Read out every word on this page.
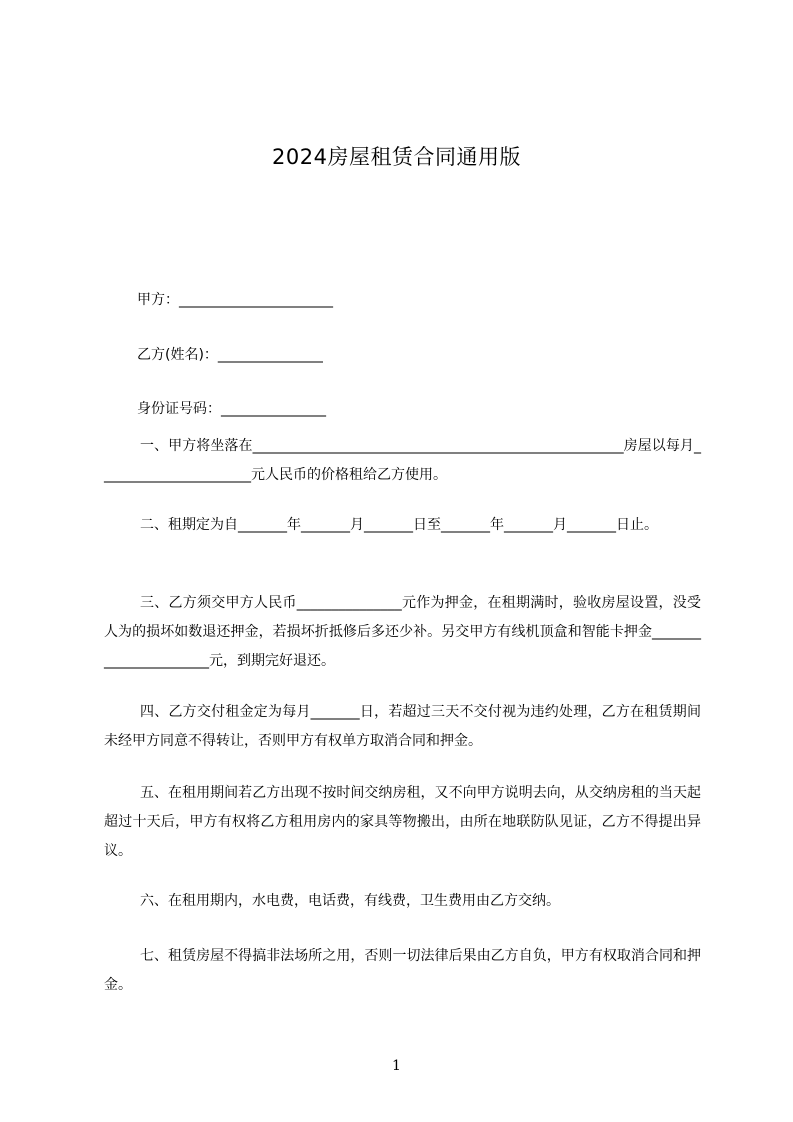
2024房屋租赁合同通用版
甲方：______________________
乙方(姓名)：_______________
身份证号码：_______________

一、甲方将坐落在_____________________________________________________房屋以每月______________________元人民币的价格租给乙方使用。

二、租期定为自_______年_______月_______日至_______年_______月_______日止。

三、乙方须交甲方人民币_______________元作为押金，在租期满时，验收房屋设置，没受人为的损坏如数退还押金，若损坏折抵修后多还少补。另交甲方有线机顶盒和智能卡押金______________________元，到期完好退还。

四、乙方交付租金定为每月_______日，若超过三天不交付视为违约处理，乙方在租赁期间未经甲方同意不得转让，否则甲方有权单方取消合同和押金。

五、在租用期间若乙方出现不按时间交纳房租，又不向甲方说明去向，从交纳房租的当天起超过十天后，甲方有权将乙方租用房内的家具等物搬出，由所在地联防队见证，乙方不得提出异议。

六、在租用期内，水电费，电话费，有线费，卫生费用由乙方交纳。

七、租赁房屋不得搞非法场所之用，否则一切法律后果由乙方自负，甲方有权取消合同和押金。

1
